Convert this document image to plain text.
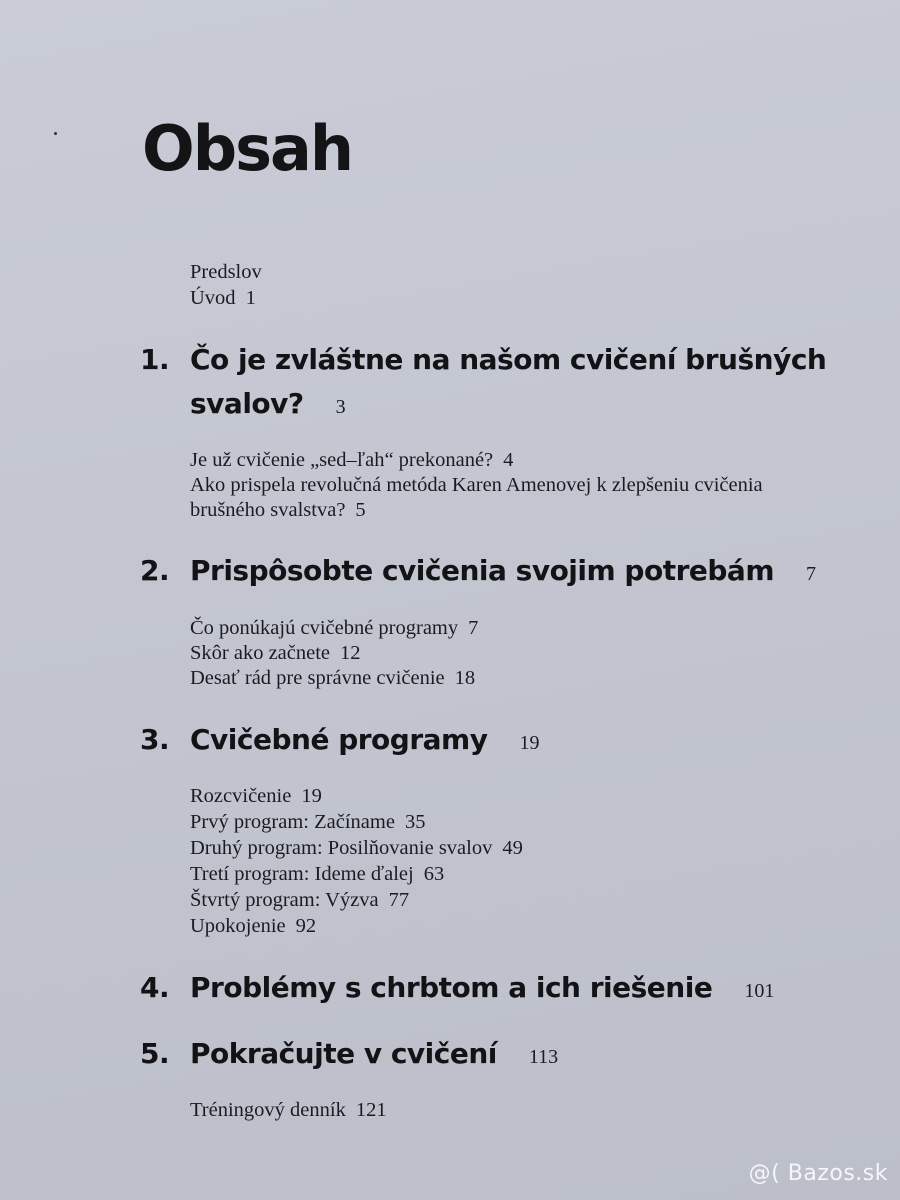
Obsah
Predslov
Úvod 1
1. Čo je zvláštne na našom cvičení brušných
svalov? 3
Je už cvičenie „sed–ľah“ prekonané? 4
Ako prispela revolučná metóda Karen Amenovej k zlepšeniu cvičenia
brušného svalstva? 5
2. Prispôsobte cvičenia svojim potrebám 7
Čo ponúkajú cvičebné programy 7
Skôr ako začnete 12
Desať rád pre správne cvičenie 18
3. Cvičebné programy 19
Rozcvičenie 19
Prvý program: Začíname 35
Druhý program: Posilňovanie svalov 49
Tretí program: Ideme ďalej 63
Štvrtý program: Výzva 77
Upokojenie 92
4. Problémy s chrbtom a ich riešenie 101
5. Pokračujte v cvičení 113
Tréningový denník 121
@( Bazos.sk
